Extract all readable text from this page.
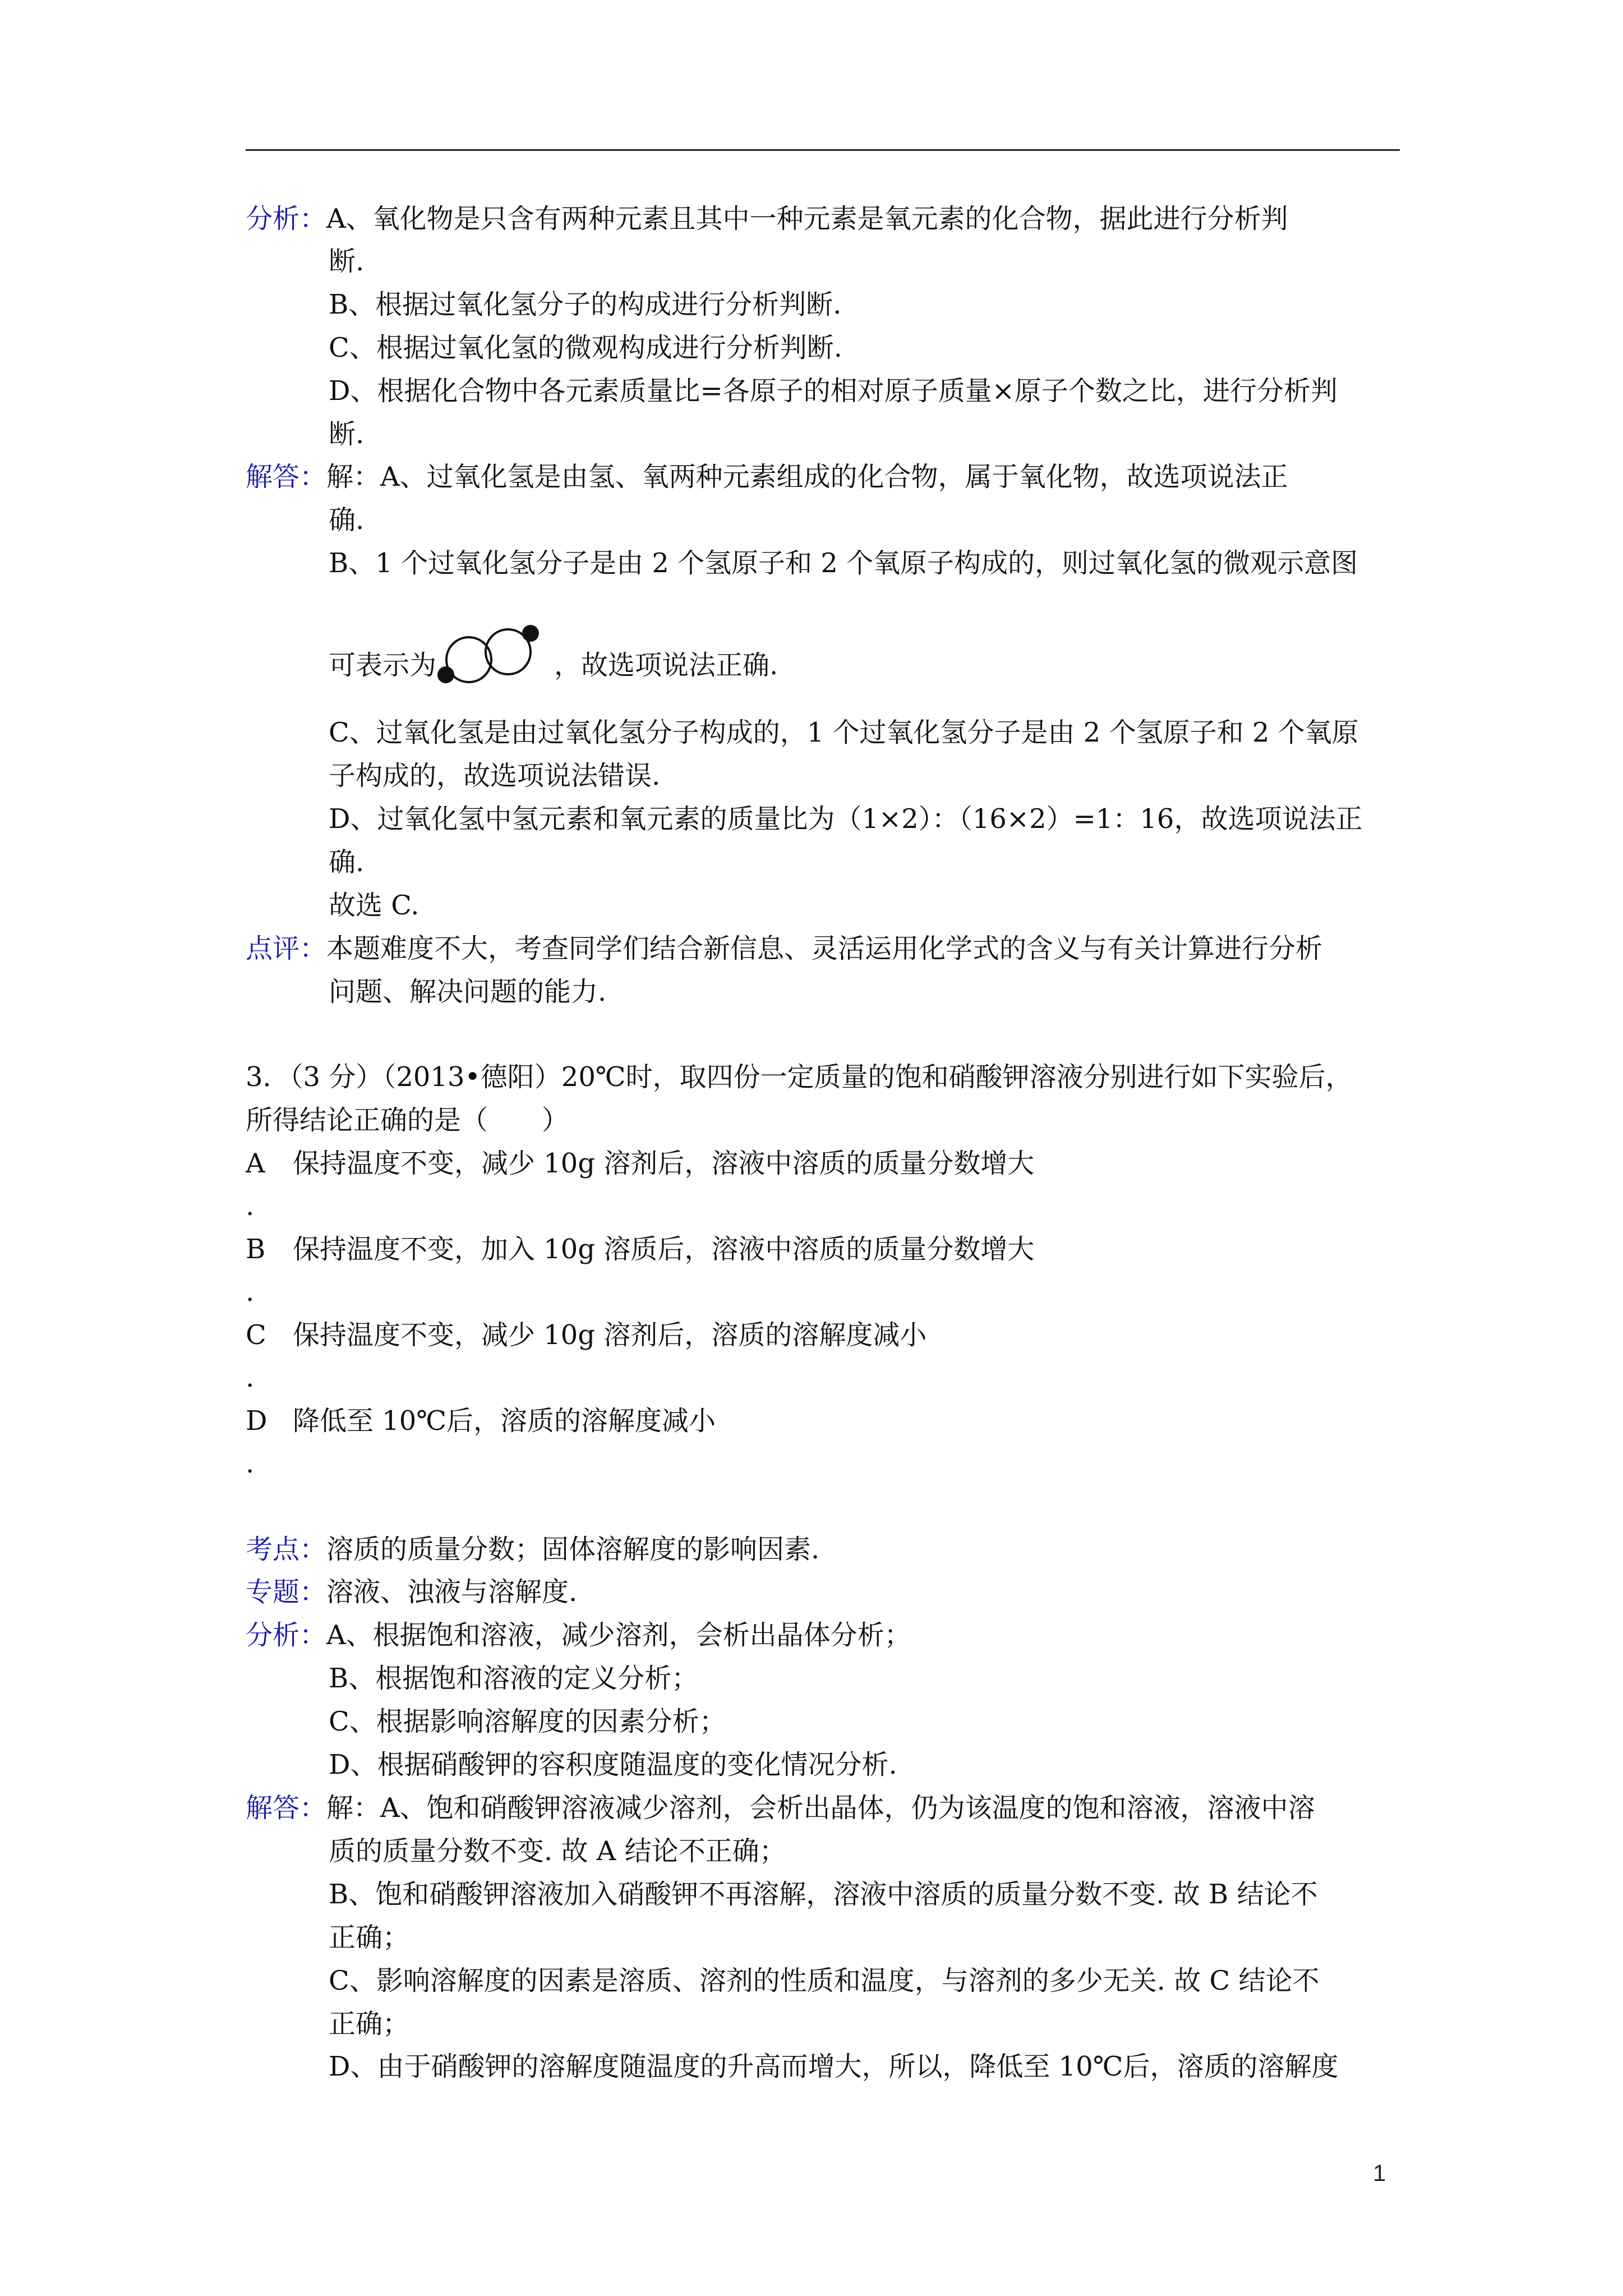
分析：A、氧化物是只含有两种元素且其中一种元素是氧元素的化合物，据此进行分析判
断.
B、根据过氧化氢分子的构成进行分析判断.
C、根据过氧化氢的微观构成进行分析判断.
D、根据化合物中各元素质量比=各原子的相对原子质量×原子个数之比，进行分析判
断.
解答：解：A、过氧化氢是由氢、氧两种元素组成的化合物，属于氧化物，故选项说法正
确.
B、1 个过氧化氢分子是由 2 个氢原子和 2 个氧原子构成的，则过氧化氢的微观示意图
可表示为	，故选项说法正确.
C、过氧化氢是由过氧化氢分子构成的，1 个过氧化氢分子是由 2 个氢原子和 2 个氧原
子构成的，故选项说法错误.
D、过氧化氢中氢元素和氧元素的质量比为（1×2）：（16×2）=1：16，故选项说法正
确.
故选 C.
点评：本题难度不大，考查同学们结合新信息、灵活运用化学式的含义与有关计算进行分析
问题、解决问题的能力.
3．（3 分）（2013•德阳）20℃时，取四份一定质量的饱和硝酸钾溶液分别进行如下实验后，
所得结论正确的是（　　）
A 保持温度不变，减少 10g 溶剂后，溶液中溶质的质量分数增大
.
B 保持温度不变，加入 10g 溶质后，溶液中溶质的质量分数增大
.
C 保持温度不变，减少 10g 溶剂后，溶质的溶解度减小
.
D 降低至 10℃后，溶质的溶解度减小
.
考点：溶质的质量分数；固体溶解度的影响因素.
专题：溶液、浊液与溶解度.
分析：A、根据饱和溶液，减少溶剂，会析出晶体分析；
B、根据饱和溶液的定义分析；
C、根据影响溶解度的因素分析；
D、根据硝酸钾的容积度随温度的变化情况分析.
解答：解：A、饱和硝酸钾溶液减少溶剂，会析出晶体，仍为该温度的饱和溶液，溶液中溶
质的质量分数不变. 故 A 结论不正确；
B、饱和硝酸钾溶液加入硝酸钾不再溶解，溶液中溶质的质量分数不变. 故 B 结论不
正确；
C、影响溶解度的因素是溶质、溶剂的性质和温度，与溶剂的多少无关. 故 C 结论不
正确；
D、由于硝酸钾的溶解度随温度的升高而增大，所以，降低至 10℃后，溶质的溶解度
1
